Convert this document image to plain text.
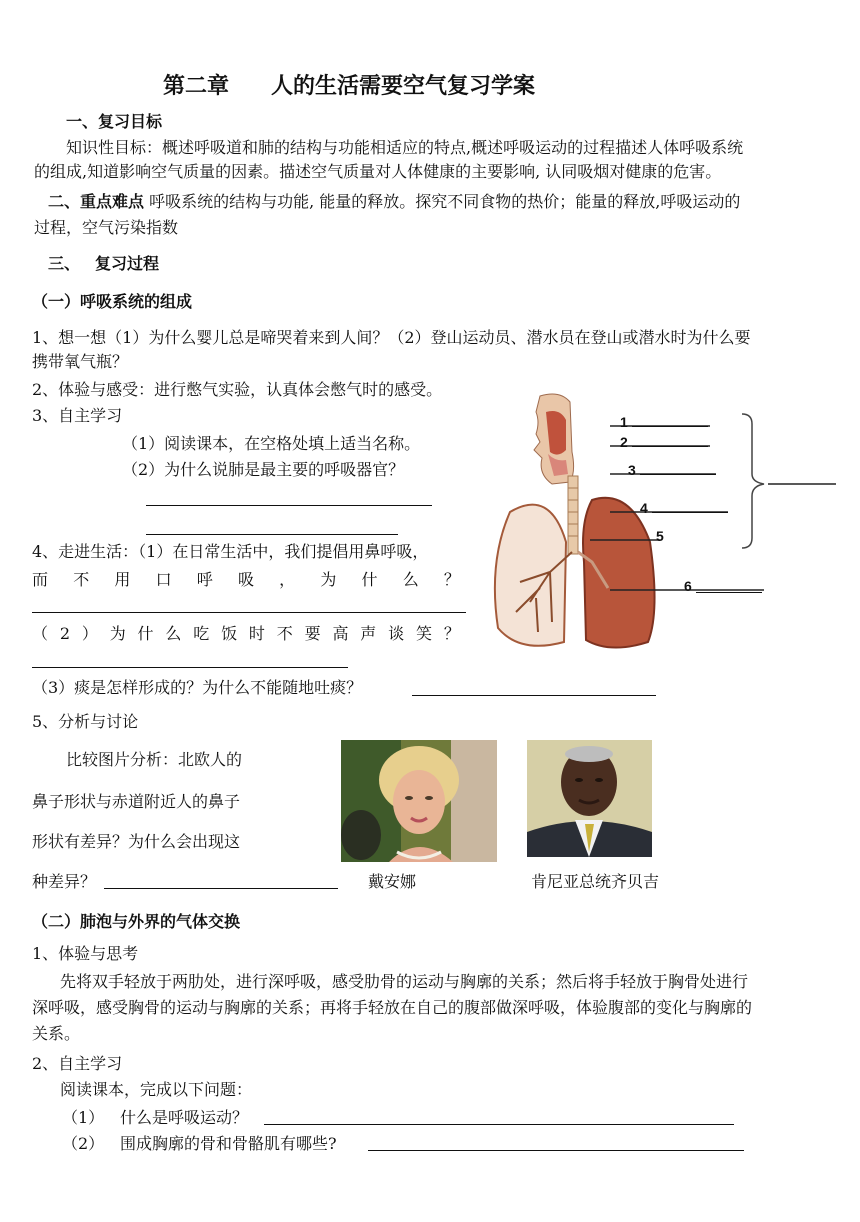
第二章 人的生活需要空气复习学案
一、复习目标
知识性目标：概述呼吸道和肺的结构与功能相适应的特点,概述呼吸运动的过程描述人体呼吸系统
的组成,知道影响空气质量的因素。描述空气质量对人体健康的主要影响, 认同吸烟对健康的危害。
二、重点难点 呼吸系统的结构与功能, 能量的释放。探究不同食物的热价；能量的释放,呼吸运动的
过程，空气污染指数
三、 复习过程
（一）呼吸系统的组成
1、想一想（1）为什么婴儿总是啼哭着来到人间？（2）登山运动员、潜水员在登山或潜水时为什么要
携带氧气瓶？
2、体验与感受：进行憋气实验，认真体会憋气时的感受。
3、自主学习
（1）阅读课本，在空格处填上适当名称。
（2）为什么说肺是最主要的呼吸器官？
4、走进生活：（1）在日常生活中，我们提倡用鼻呼吸，
而 不 用 口 呼 吸 ， 为 什 么 ？
（ 2 ） 为 什 么 吃 饭 时 不 要 高 声 谈 笑 ？
（3）痰是怎样形成的？为什么不能随地吐痰？
5、分析与讨论
比较图片分析：北欧人的
鼻子形状与赤道附近人的鼻子
形状有差异？为什么会出现这
种差异？	戴安娜	肯尼亚总统齐贝吉
1
2
3
4
5
6
（二）肺泡与外界的气体交换
1、体验与思考
先将双手轻放于两肋处，进行深呼吸，感受肋骨的运动与胸廓的关系；然后将手轻放于胸骨处进行
深呼吸，感受胸骨的运动与胸廓的关系；再将手轻放在自己的腹部做深呼吸，体验腹部的变化与胸廓的
关系。
2、自主学习
阅读课本，完成以下问题：
（1） 什么是呼吸运动？
（2） 围成胸廓的骨和骨骼肌有哪些?
